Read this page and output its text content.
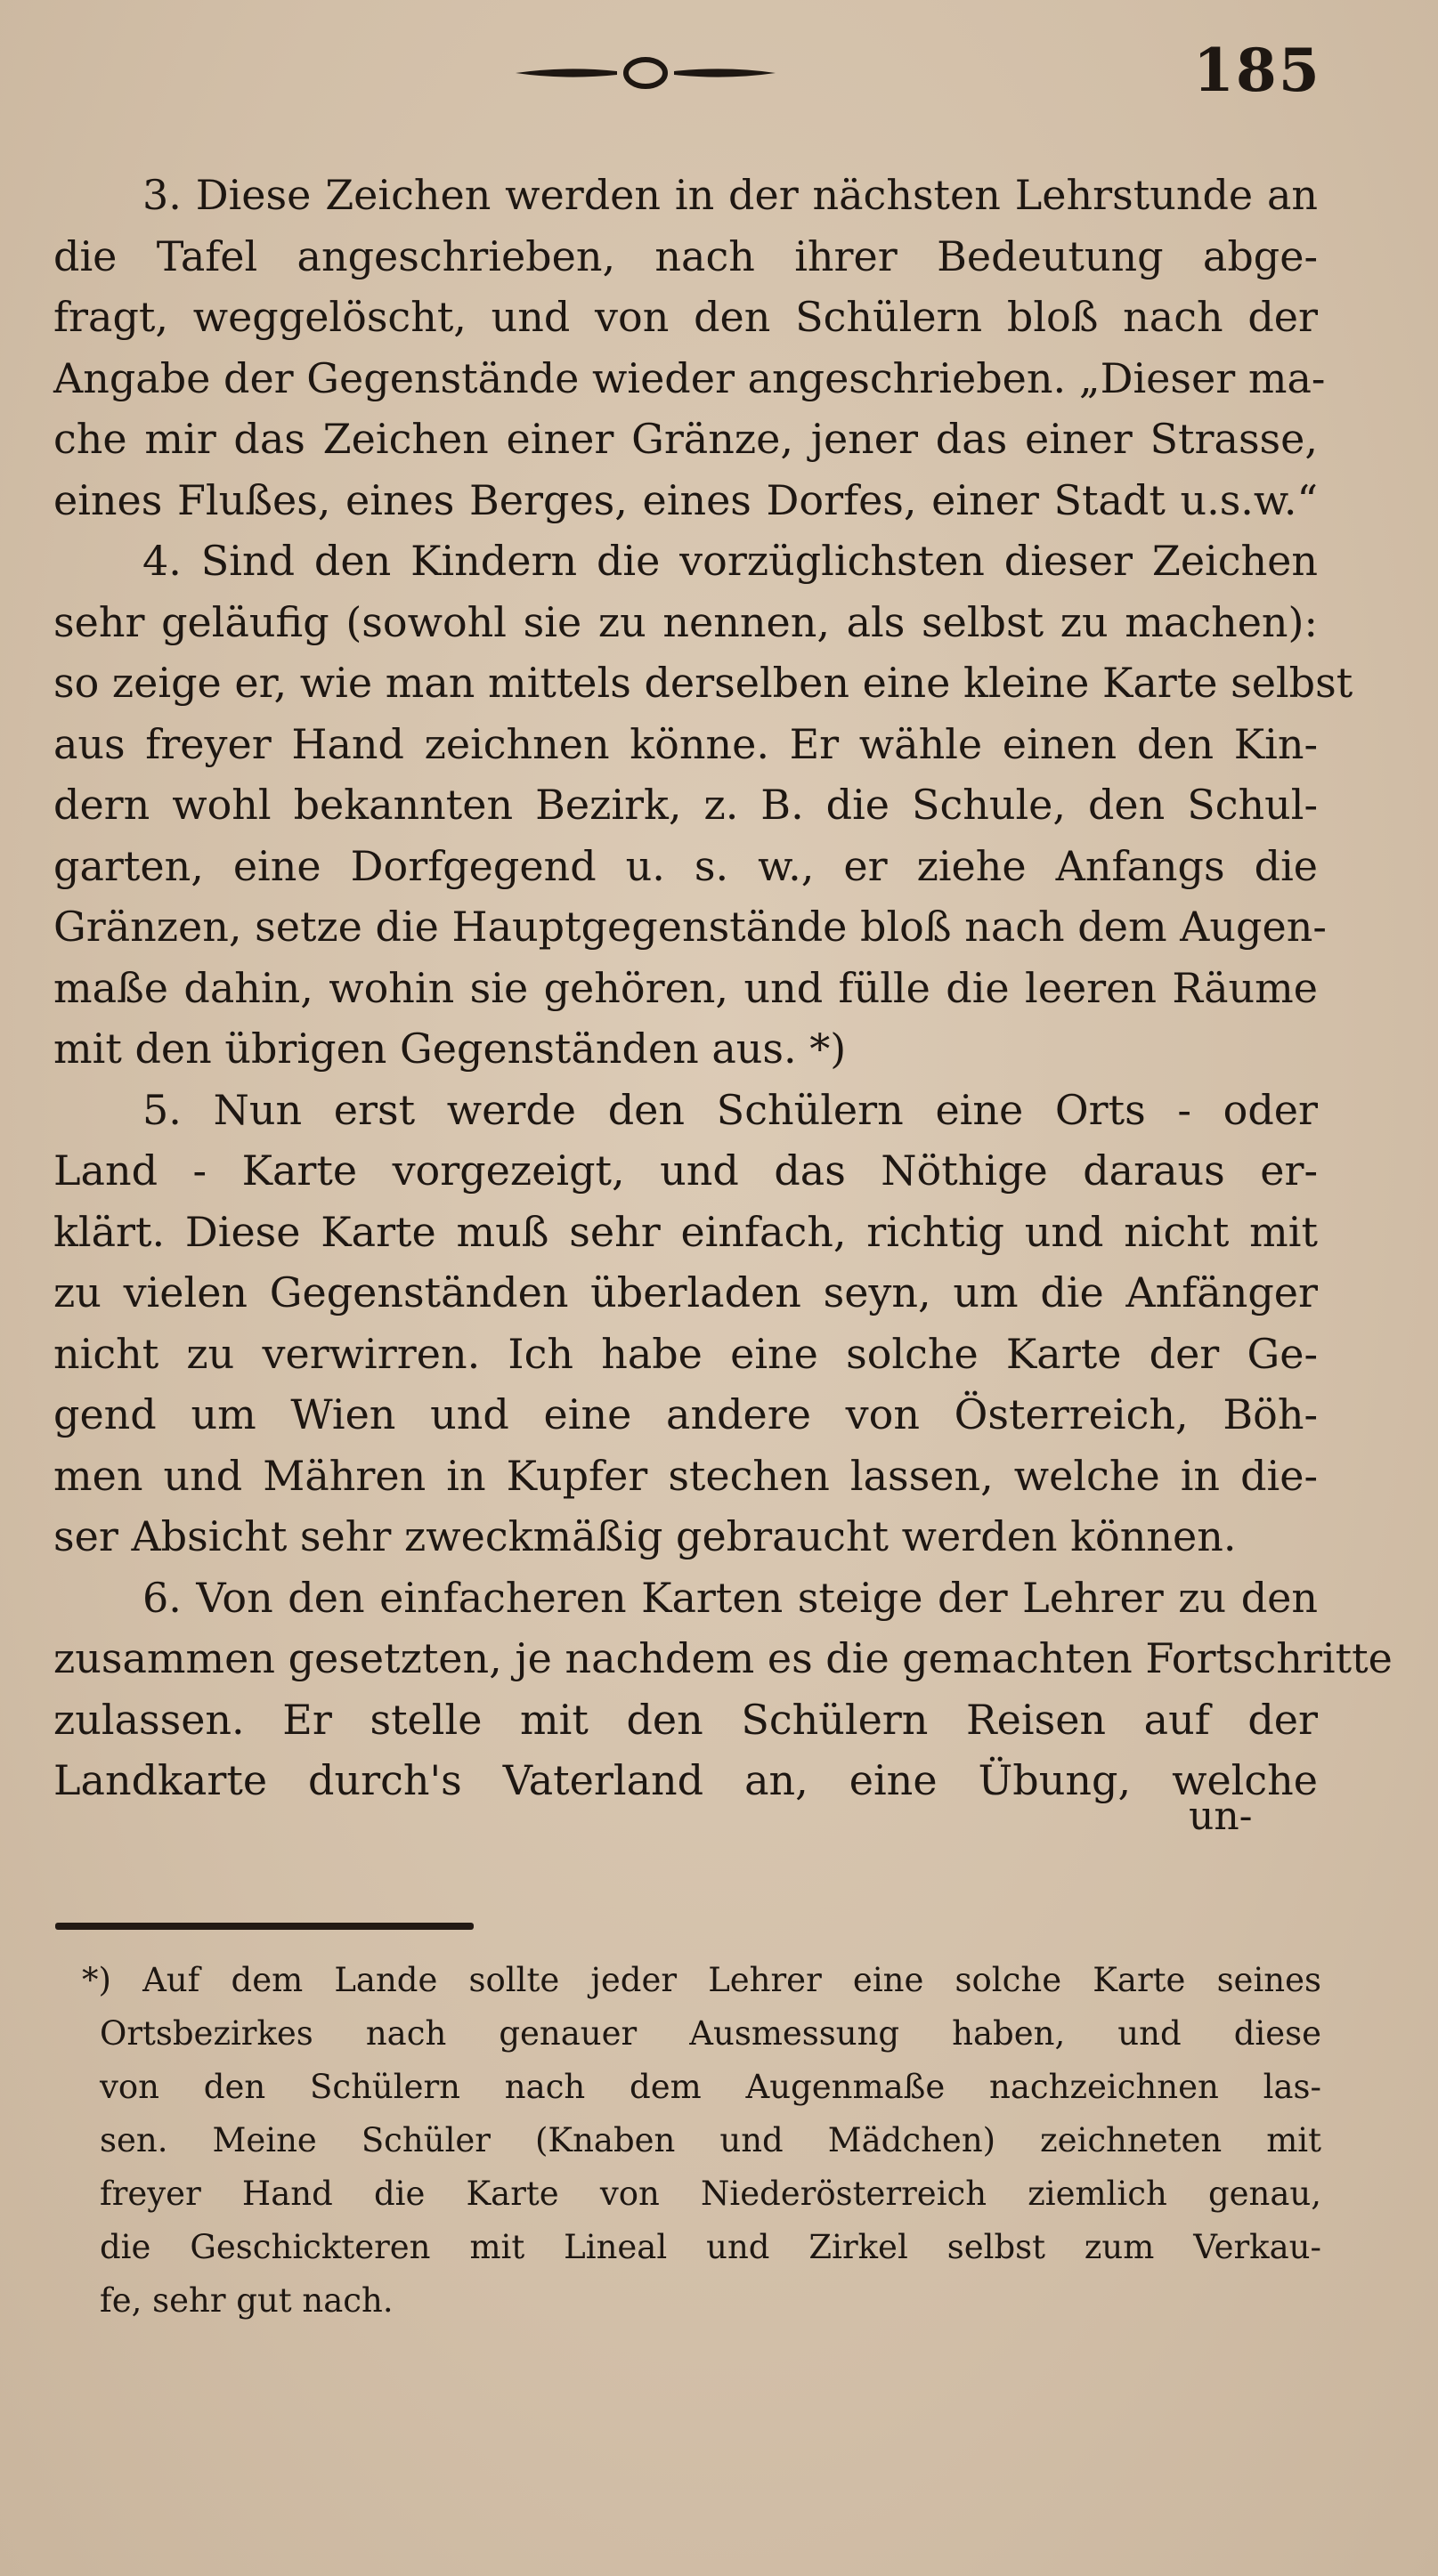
185
3. Diese Zeichen werden in der nächsten Lehrstunde an
die Tafel angeschrieben, nach ihrer Bedeutung abge-
fragt, weggelöscht, und von den Schülern bloß nach der
Angabe der Gegenstände wieder angeschrieben. „Dieser ma-
che mir das Zeichen einer Gränze, jener das einer Strasse,
eines Flußes, eines Berges, eines Dorfes, einer Stadt u.s.w.“
4. Sind den Kindern die vorzüglichsten dieser Zeichen
sehr geläufig (sowohl sie zu nennen, als selbst zu machen):
so zeige er, wie man mittels derselben eine kleine Karte selbst
aus freyer Hand zeichnen könne. Er wähle einen den Kin-
dern wohl bekannten Bezirk, z. B. die Schule, den Schul-
garten, eine Dorfgegend u. s. w., er ziehe Anfangs die
Gränzen, setze die Hauptgegenstände bloß nach dem Augen-
maße dahin, wohin sie gehören, und fülle die leeren Räume
mit den übrigen Gegenständen aus. *)
5. Nun erst werde den Schülern eine Orts - oder
Land - Karte vorgezeigt, und das Nöthige daraus er-
klärt. Diese Karte muß sehr einfach, richtig und nicht mit
zu vielen Gegenständen überladen seyn, um die Anfänger
nicht zu verwirren. Ich habe eine solche Karte der Ge-
gend um Wien und eine andere von Österreich, Böh-
men und Mähren in Kupfer stechen lassen, welche in die-
ser Absicht sehr zweckmäßig gebraucht werden können.
6. Von den einfacheren Karten steige der Lehrer zu den
zusammen gesetzten, je nachdem es die gemachten Fortschritte
zulassen. Er stelle mit den Schülern Reisen auf der
Landkarte durch's Vaterland an, eine Übung, welche
un-
*) Auf dem Lande sollte jeder Lehrer eine solche Karte seines
Ortsbezirkes nach genauer Ausmessung haben, und diese
von den Schülern nach dem Augenmaße nachzeichnen las-
sen. Meine Schüler (Knaben und Mädchen) zeichneten mit
freyer Hand die Karte von Niederösterreich ziemlich genau,
die Geschickteren mit Lineal und Zirkel selbst zum Verkau-
fe, sehr gut nach.
